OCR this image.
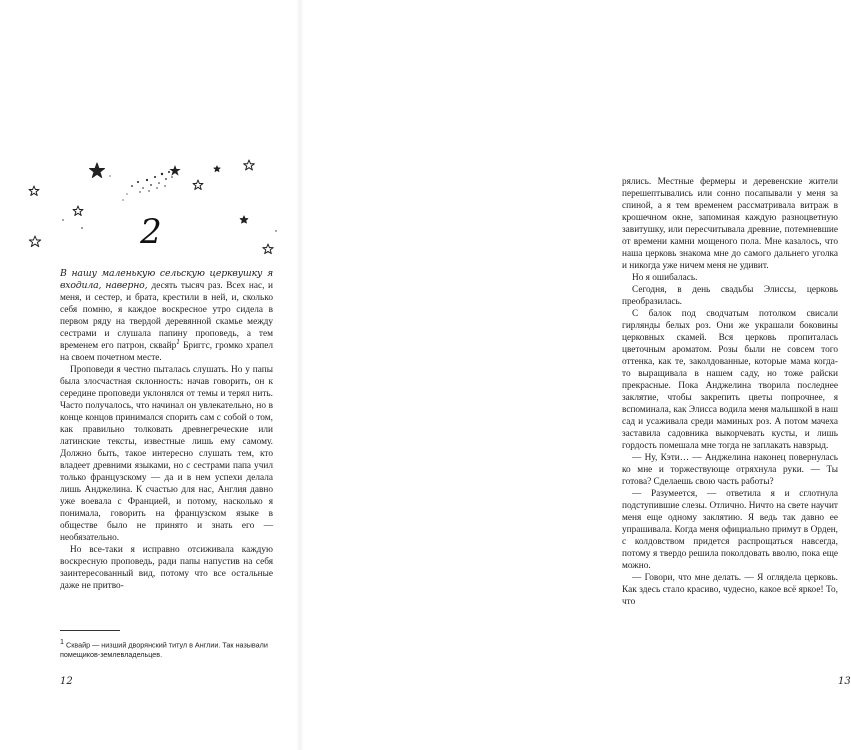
2

В нашу маленькую сельскую церквушку я входила, наверно, десять тысяч раз. Всех нас, и меня, и сестер, и брата, крестили в ней, и, сколько себя помню, я каждое воскресное утро сидела в первом ряду на твердой деревянной скамье между сестрами и слушала папину проповедь, а тем временем его патрон, сквайр$^1$ Бриггс, громко храпел на своем почетном месте.

Проповеди я честно пыталась слушать. Но у папы была злосчастная склонность: начав говорить, он к середине проповеди уклонялся от темы и терял нить. Часто получалось, что начинал он увлекательно, но в конце концов принимался спорить сам с собой о том, как правильно толковать древнегреческие или латинские тексты, известные лишь ему самому. Должно быть, такое интересно слушать тем, кто владеет древними языками, но с сестрами папа учил только французскому — да и в нем успехи делала лишь Анджелина. К счастью для нас, Англия давно уже воевала с Францией, и потому, насколько я понимала, говорить на французском языке в обществе было не принято и знать его — необязательно.

Но все-таки я исправно отсиживала каждую воскресную проповедь, ради папы напустив на себя заинтересованный вид, потому что все остальные даже не притво-

$^1$ Сквайр — низший дворянский титул в Англии. Так называли помещиков-землевладельцев.
12

рялись. Местные фермеры и деревенские жители перешептывались или сонно посапывали у меня за спиной, а я тем временем рассматривала витраж в крошечном окне, запоминая каждую разноцветную завитушку, или пересчитывала древние, потемневшие от времени камни мощеного пола. Мне казалось, что наша церковь знакома мне до самого дальнего уголка и никогда уже ничем меня не удивит.

Но я ошибалась.

Сегодня, в день свадьбы Элиссы, церковь преобразилась.

С балок под сводчатым потолком свисали гирлянды белых роз. Они же украшали боковины церковных скамей. Вся церковь пропиталась цветочным ароматом. Розы были не совсем того оттенка, как те, заколдованные, которые мама когда-то выращивала в нашем саду, но тоже райски прекрасные. Пока Анджелина творила последнее заклятие, чтобы закрепить цветы попрочнее, я вспоминала, как Элисса водила меня малышкой в наш сад и усаживала среди маминых роз. А потом мачеха заставила садовника выкорчевать кусты, и лишь гордость помешала мне тогда не заплакать навзрыд.

— Ну, Кэти… — Анджелина наконец повернулась ко мне и торжествующе отряхнула руки. — Ты готова? Сделаешь свою часть работы?

— Разумеется, — ответила я и сглотнула подступившие слезы. Отлично. Ничто на свете научит меня еще одному заклятию. Я ведь так давно ее упрашивала. Когда меня официально примут в Орден, с колдовством придется распрощаться навсегда, потому я твердо решила поколдовать вволю, пока еще можно.

— Говори, что мне делать. — Я оглядела церковь. Как здесь стало красиво, чудесно, какое всё яркое! То, что

13
